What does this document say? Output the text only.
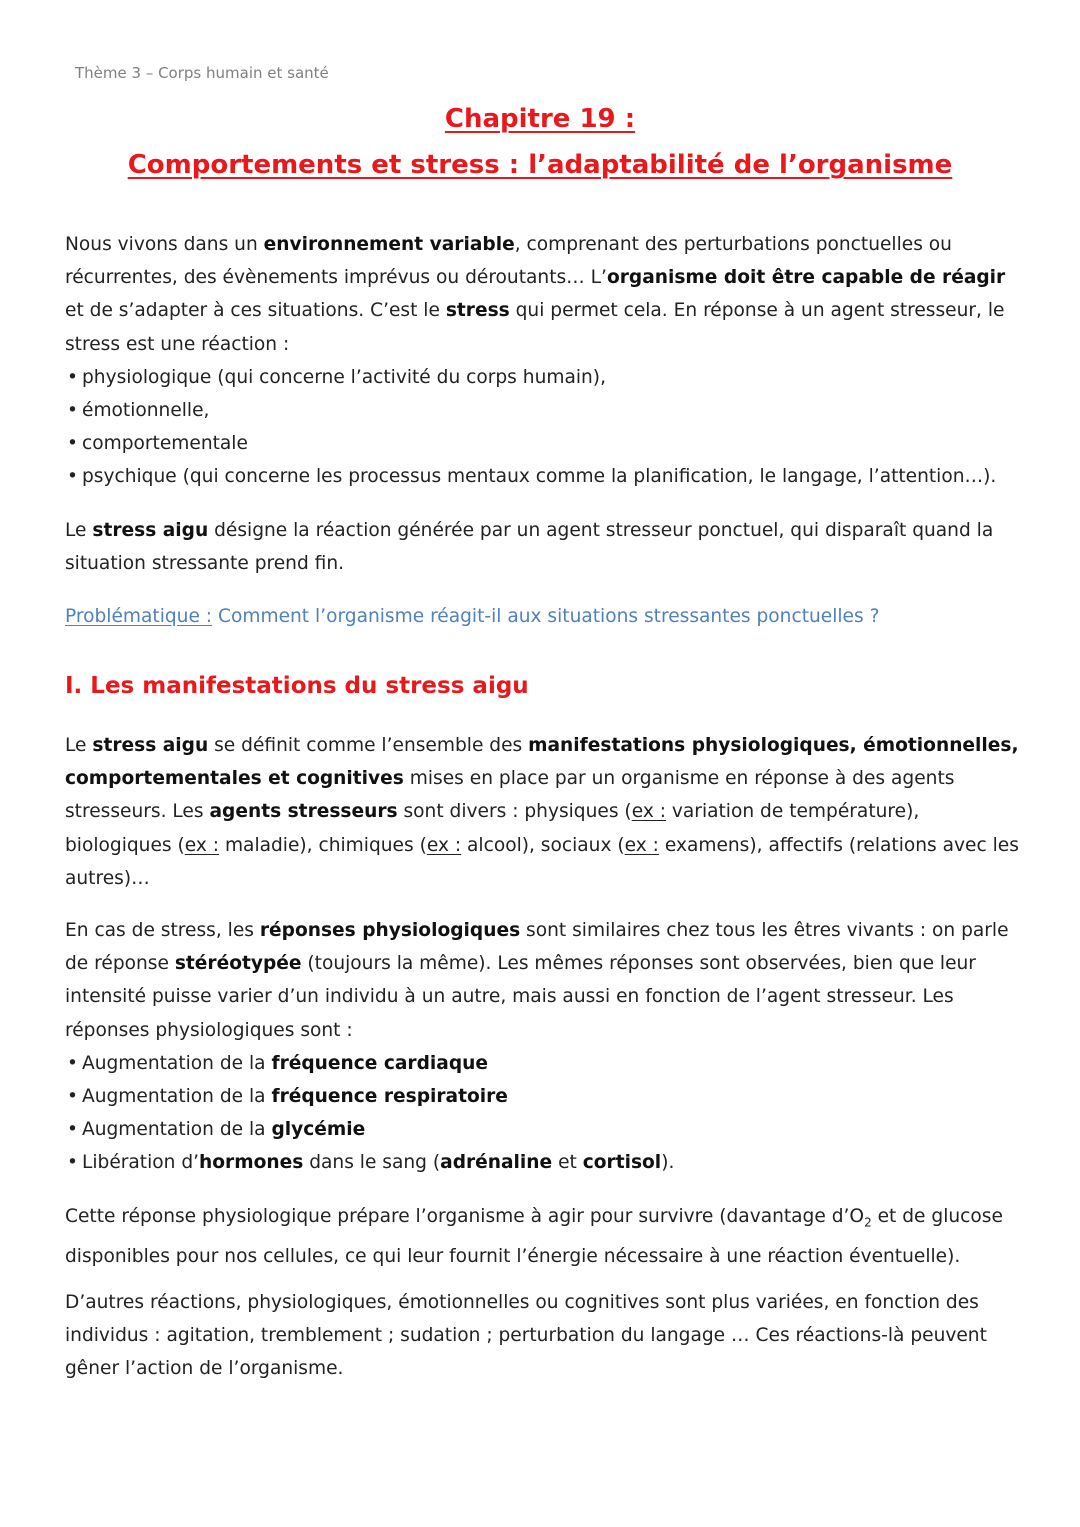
Thème 3 – Corps humain et santé
Chapitre 19 :
Comportements et stress : l’adaptabilité de l’organisme

Nous vivons dans un environnement variable, comprenant des perturbations ponctuelles ou récurrentes, des évènements imprévus ou déroutants… L’organisme doit être capable de réagir et de s’adapter à ces situations. C’est le stress qui permet cela. En réponse à un agent stresseur, le stress est une réaction :

• physiologique (qui concerne l’activité du corps humain),
• émotionnelle,
• comportementale
• psychique (qui concerne les processus mentaux comme la planification, le langage, l’attention…).

Le stress aigu désigne la réaction générée par un agent stresseur ponctuel, qui disparaît quand la situation stressante prend fin.

Problématique : Comment l’organisme réagit-il aux situations stressantes ponctuelles ?

I. Les manifestations du stress aigu

Le stress aigu se définit comme l’ensemble des manifestations physiologiques, émotionnelles, comportementales et cognitives mises en place par un organisme en réponse à des agents stresseurs. Les agents stresseurs sont divers : physiques (ex : variation de température), biologiques (ex : maladie), chimiques (ex : alcool), sociaux (ex : examens), affectifs (relations avec les autres)…

En cas de stress, les réponses physiologiques sont similaires chez tous les êtres vivants : on parle de réponse stéréotypée (toujours la même). Les mêmes réponses sont observées, bien que leur intensité puisse varier d’un individu à un autre, mais aussi en fonction de l’agent stresseur. Les réponses physiologiques sont :

• Augmentation de la fréquence cardiaque
• Augmentation de la fréquence respiratoire
• Augmentation de la glycémie
• Libération d’hormones dans le sang (adrénaline et cortisol).

Cette réponse physiologique prépare l’organisme à agir pour survivre (davantage $d’O_2$ et de glucose disponibles pour nos cellules, ce qui leur fournit l’énergie nécessaire à une réaction éventuelle).

D’autres réactions, physiologiques, émotionnelles ou cognitives sont plus variées, en fonction des individus : agitation, tremblement ; sudation ; perturbation du langage … Ces réactions-là peuvent gêner l’action de l’organisme.
